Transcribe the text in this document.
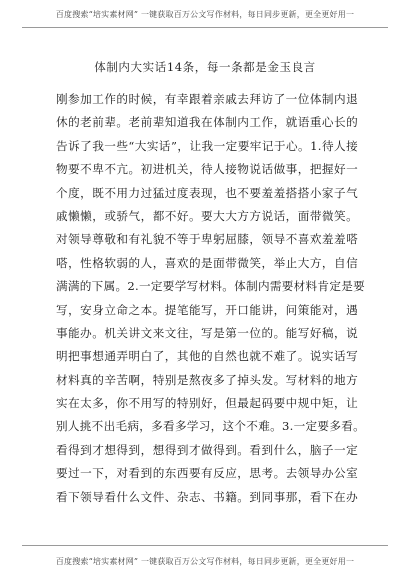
百度搜索“培实素材网” 一键获取百万公文写作材料，每日同步更新，更全更好用一
体制内大实话14条，每一条都是金玉良言
刚参加工作的时候，有幸跟着亲戚去拜访了一位体制内退
休的老前辈。老前辈知道我在体制内工作，就语重心长的
告诉了我一些“大实话”，让我一定要牢记于心。1.待人接
物要不卑不亢。初进机关，待人接物说话做事，把握好一
个度，既不用力过猛过度表现，也不要羞羞搭搭小家子气
戚懒懒，或骄气，都不好。要大大方方说话，面带微笑。
对领导尊敬和有礼貌不等于卑躬屈膝，领导不喜欢羞羞嗒
嗒，性格软弱的人，喜欢的是面带微笑，举止大方，自信
满满的下属。2.一定要学写材料。体制内需要材料肯定是要
写，安身立命之本。提笔能写，开口能讲，问策能对，遇
事能办。机关讲文来文往，写是第一位的。能写好稿，说
明把事想通弄明白了，其他的自然也就不难了。说实话写
材料真的辛苦啊，特别是熬夜多了掉头发。写材料的地方
实在太多，你不用写的特别好，但最起码要中规中矩，让
别人挑不出毛病，多看多学习，这个不难。3.一定要多看。
看得到才想得到，想得到才做得到。看到什么，脑子一定
要过一下，对看到的东西要有反应，思考。去领导办公室
看下领导看什么文件、杂志、书籍。到同事那，看下在办
百度搜索“培实素材网” 一键获取百万公文写作材料，每日同步更新，更全更好用一
